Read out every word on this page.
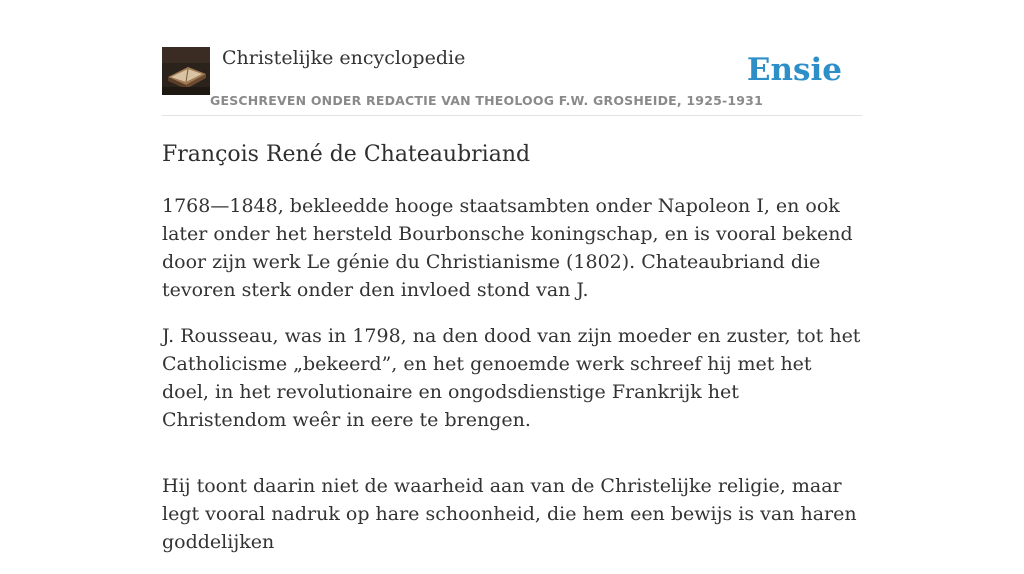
Christelijke encyclopedie
GESCHREVEN ONDER REDACTIE VAN THEOLOOG F.W. GROSHEIDE, 1925-1931
Ensie
François René de Chateaubriand

1768—1848, bekleedde hooge staatsambten onder Napoleon I, en ook later onder het hersteld Bourbonsche koningschap, en is vooral bekend door zijn werk Le génie du Christianisme (1802). Chateaubriand die tevoren sterk onder den invloed stond van J.

J. Rousseau, was in 1798, na den dood van zijn moeder en zuster, tot het Catholicisme „bekeerd”, en het genoemde werk schreef hij met het doel, in het revolutionaire en ongodsdienstige Frankrijk het Christendom weêr in eere te brengen.

Hij toont daarin niet de waarheid aan van de Christelijke religie, maar legt vooral nadruk op hare schoonheid, die hem een bewijs is van haren goddelijken
